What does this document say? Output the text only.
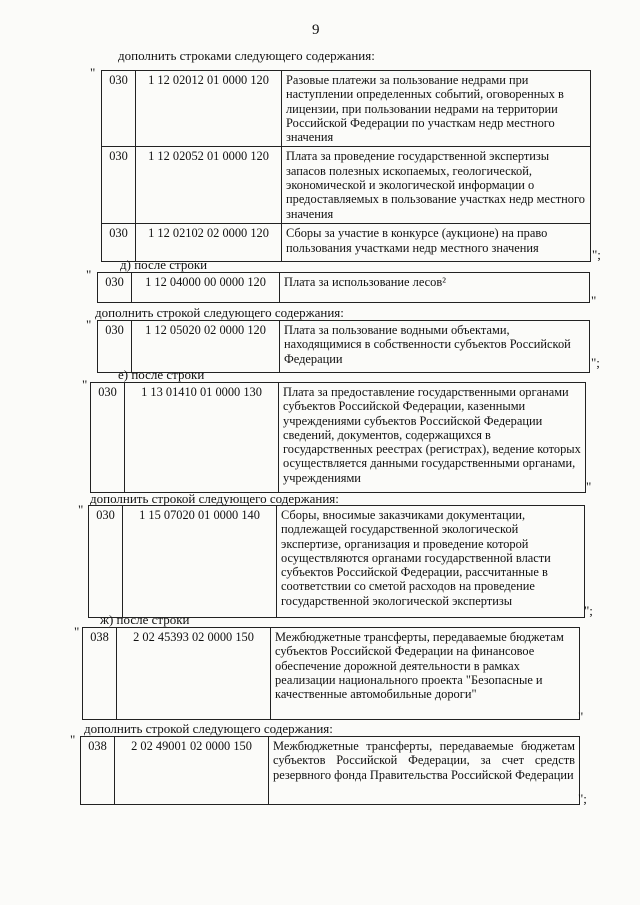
9
дополнить строками следующего содержания:
" 030	1 12 02012 01 0000 120	Разовые платежи за пользование недрами при наступлении определенных событий, оговоренных в лицензии, при пользовании недрами на территории Российской Федерации по участкам недр местного значения
030	1 12 02052 01 0000 120	Плата за проведение государственной экспертизы запасов полезных ископаемых, геологической, экономической и экологической информации о предоставляемых в пользование участках недр местного значения
030	1 12 02102 02 0000 120	Сборы за участие в конкурсе (аукционе) на право пользования участками недр местного значения	";
д) после строки
" 030	1 12 04000 00 0000 120	Плата за использование лесов²
"
дополнить строкой следующего содержания:
" 030	1 12 05020 02 0000 120	Плата за пользование водными объектами, находящимися в собственности субъектов Российской Федерации	";
е) после строки
" 030	1 13 01410 01 0000 130	Плата за предоставление государственными органами субъектов Российской Федерации, казенными учреждениями субъектов Российской Федерации сведений, документов, содержащихся в государственных реестрах (регистрах), ведение которых осуществляется данными государственными органами, учреждениями
"
дополнить строкой следующего содержания:
" 030	1 15 07020 01 0000 140	Сборы, вносимые заказчиками документации, подлежащей государственной экологической экспертизе, организация и проведение которой осуществляются органами государственной власти субъектов Российской Федерации, рассчитанные в соответствии со сметой расходов на проведение государственной экологической экспертизы
";
ж) после строки
" 038	2 02 45393 02 0000 150	Межбюджетные трансферты, передаваемые бюджетам субъектов Российской Федерации на финансовое обеспечение дорожной деятельности в рамках реализации национального проекта "Безопасные и качественные автомобильные дороги"
"
дополнить строкой следующего содержания:
" 038	2 02 49001 02 0000 150	Межбюджетные трансферты, передаваемые бюджетам субъектов Российской Федерации, за счет средств резервного фонда Правительства Российской Федерации
";
